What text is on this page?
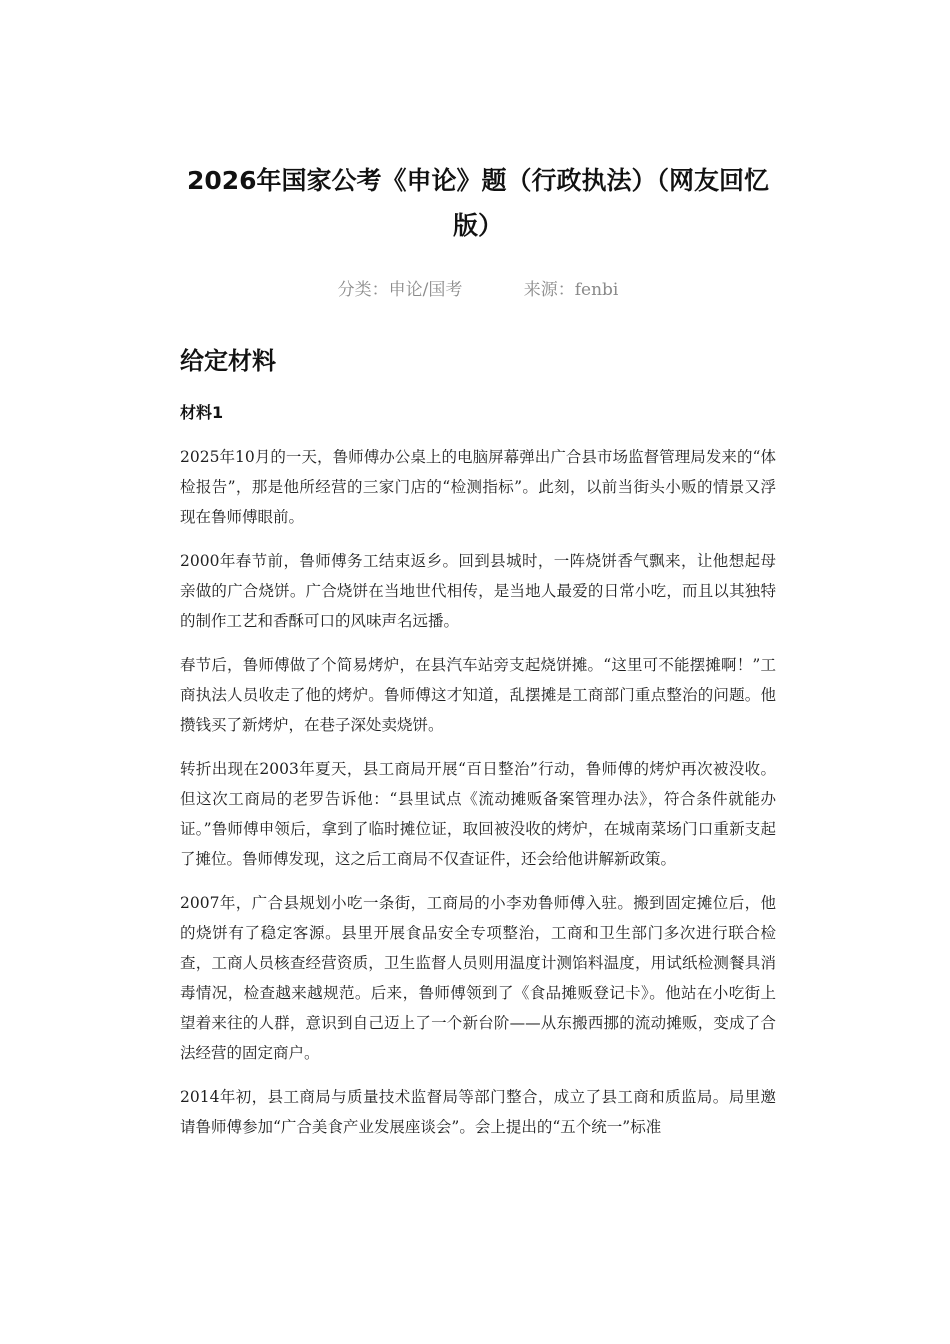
2026年国家公考《申论》题（行政执法）（网友回忆版）
分类：申论/国考	来源：fenbi
给定材料
材料1

2025年10月的一天，鲁师傅办公桌上的电脑屏幕弹出广合县市场监督管理局发来的“体检报告”，那是他所经营的三家门店的“检测指标”。此刻，以前当街头小贩的情景又浮现在鲁师傅眼前。

2000年春节前，鲁师傅务工结束返乡。回到县城时，一阵烧饼香气飘来，让他想起母亲做的广合烧饼。广合烧饼在当地世代相传，是当地人最爱的日常小吃，而且以其独特的制作工艺和香酥可口的风味声名远播。

春节后，鲁师傅做了个简易烤炉，在县汽车站旁支起烧饼摊。“这里可不能摆摊啊！”工商执法人员收走了他的烤炉。鲁师傅这才知道，乱摆摊是工商部门重点整治的问题。他攒钱买了新烤炉，在巷子深处卖烧饼。

转折出现在2003年夏天，县工商局开展“百日整治”行动，鲁师傅的烤炉再次被没收。但这次工商局的老罗告诉他：“县里试点《流动摊贩备案管理办法》，符合条件就能办证。”鲁师傅申领后，拿到了临时摊位证，取回被没收的烤炉，在城南菜场门口重新支起了摊位。鲁师傅发现，这之后工商局不仅查证件，还会给他讲解新政策。

2007年，广合县规划小吃一条街，工商局的小李劝鲁师傅入驻。搬到固定摊位后，他的烧饼有了稳定客源。县里开展食品安全专项整治，工商和卫生部门多次进行联合检查，工商人员核查经营资质，卫生监督人员则用温度计测馅料温度，用试纸检测餐具消毒情况，检查越来越规范。后来，鲁师傅领到了《食品摊贩登记卡》。他站在小吃街上望着来往的人群，意识到自己迈上了一个新台阶——从东搬西挪的流动摊贩，变成了合法经营的固定商户。

2014年初，县工商局与质量技术监督局等部门整合，成立了县工商和质监局。局里邀请鲁师傅参加“广合美食产业发展座谈会”。会上提出的“五个统一”标准
